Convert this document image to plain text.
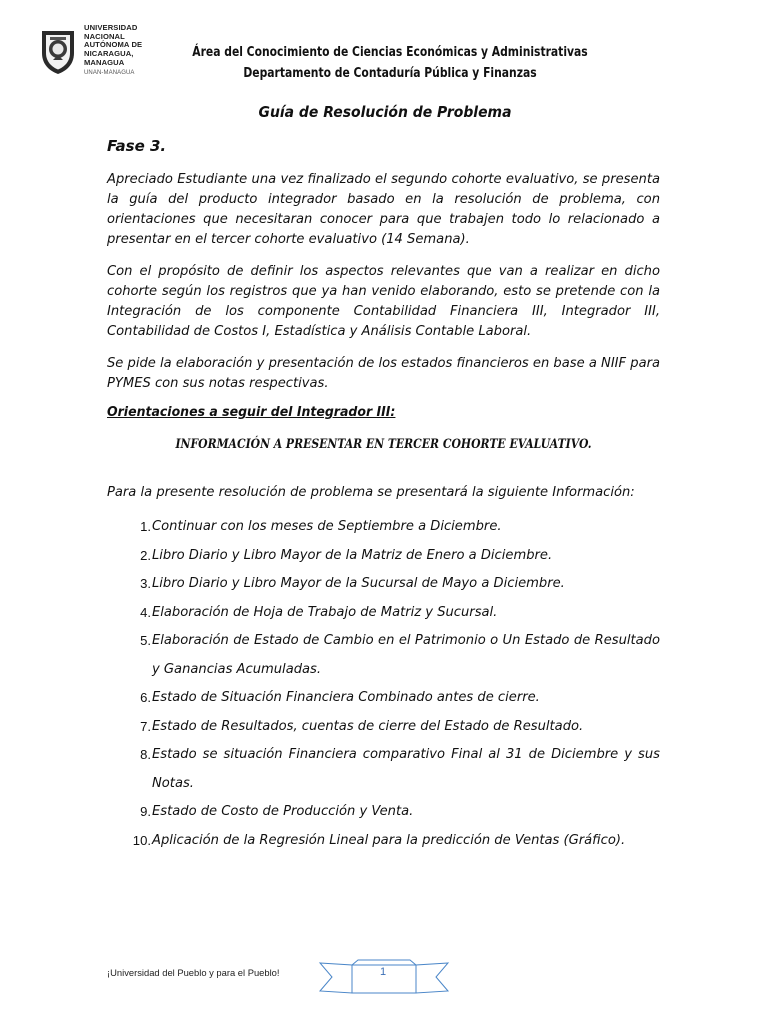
UNIVERSIDAD
NACIONAL
AUTÓNOMA DE
NICARAGUA,
MANAGUA
UNAN-MANAGUA
Área del Conocimiento de Ciencias Económicas y Administrativas
Departamento de Contaduría Pública y Finanzas
Guía de Resolución de Problema
Fase 3.

Apreciado Estudiante una vez finalizado el segundo cohorte evaluativo, se presenta la guía del producto integrador basado en la resolución de problema, con orientaciones que necesitaran conocer para que trabajen todo lo relacionado a presentar en el tercer cohorte evaluativo (14 Semana).

Con el propósito de definir los aspectos relevantes que van a realizar en dicho cohorte según los registros que ya han venido elaborando, esto se pretende con la Integración de los componente Contabilidad Financiera III, Integrador III, Contabilidad de Costos I, Estadística y Análisis Contable Laboral.

Se pide la elaboración y presentación de los estados financieros en base a NIIF para PYMES con sus notas respectivas.

Orientaciones a seguir del Integrador III:
INFORMACIÓN A PRESENTAR EN TERCER COHORTE EVALUATIVO.
Para la presente resolución de problema se presentará la siguiente Información:
1. Continuar con los meses de Septiembre a Diciembre.
2. Libro Diario y Libro Mayor de la Matriz de Enero a Diciembre.
3. Libro Diario y Libro Mayor de la Sucursal de Mayo a Diciembre.
4. Elaboración de Hoja de Trabajo de Matriz y Sucursal.
5. Elaboración de Estado de Cambio en el Patrimonio o Un Estado de Resultado y Ganancias Acumuladas.
6. Estado de Situación Financiera Combinado antes de cierre.
7. Estado de Resultados, cuentas de cierre del Estado de Resultado.
8. Estado se situación Financiera comparativo Final al 31 de Diciembre y sus Notas.
9. Estado de Costo de Producción y Venta.
10. Aplicación de la Regresión Lineal para la predicción de Ventas (Gráfico).
¡Universidad del Pueblo y para el Pueblo!	1
